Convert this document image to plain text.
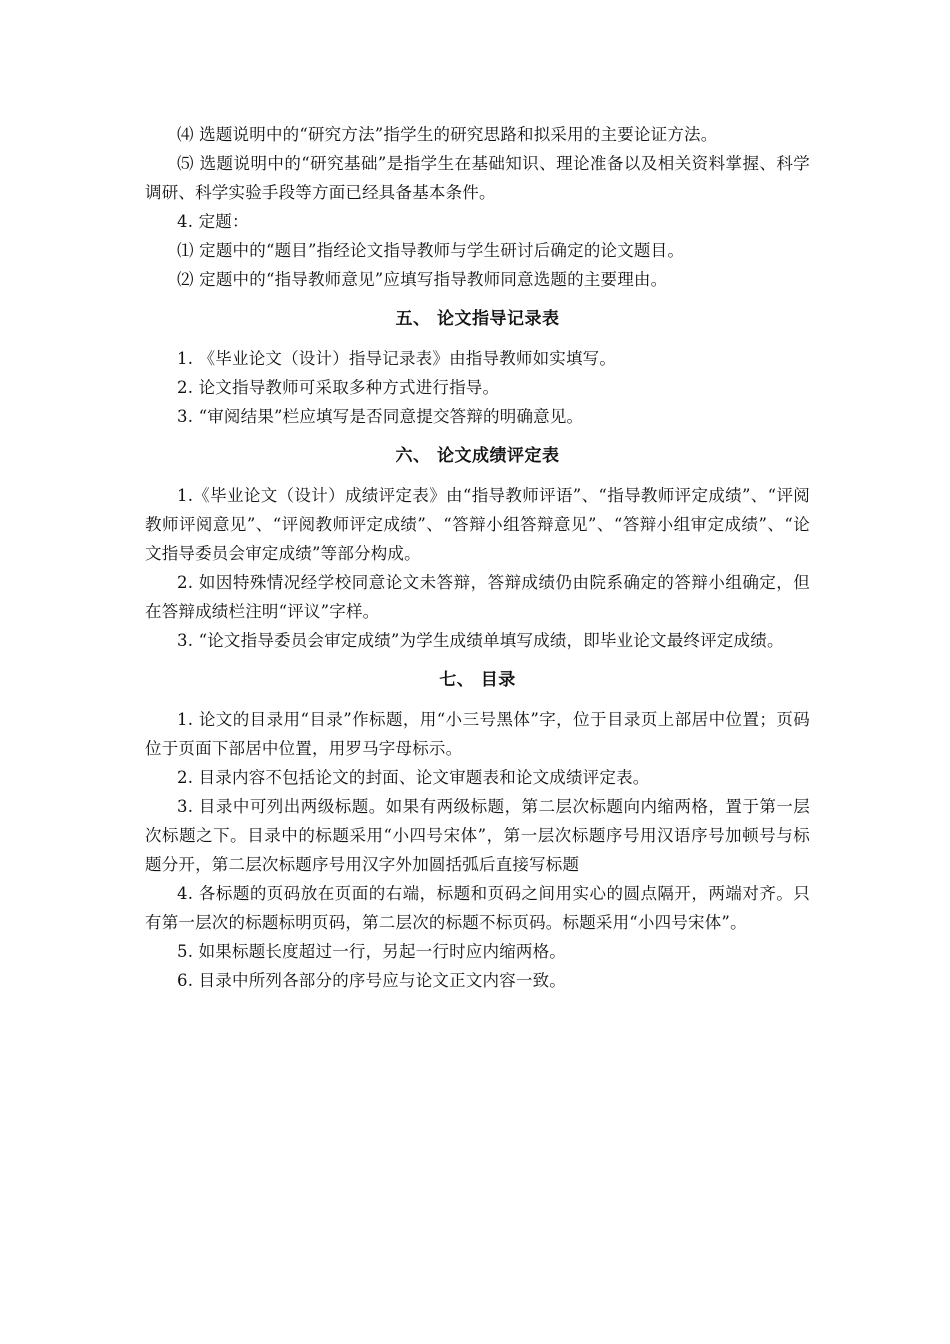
⑷ 选题说明中的“研究方法”指学生的研究思路和拟采用的主要论证方法。

⑸ 选题说明中的“研究基础”是指学生在基础知识、理论准备以及相关资料掌握、科学调研、科学实验手段等方面已经具备基本条件。

4. 定题：

⑴ 定题中的“题目”指经论文指导教师与学生研讨后确定的论文题目。

⑵ 定题中的“指导教师意见”应填写指导教师同意选题的主要理由。

五、 论文指导记录表

1. 《毕业论文（设计）指导记录表》由指导教师如实填写。

2. 论文指导教师可采取多种方式进行指导。

3. “审阅结果”栏应填写是否同意提交答辩的明确意见。

六、 论文成绩评定表

1.《毕业论文（设计）成绩评定表》由“指导教师评语”、“指导教师评定成绩”、“评阅教师评阅意见”、“评阅教师评定成绩”、“答辩小组答辩意见”、“答辩小组审定成绩”、“论文指导委员会审定成绩”等部分构成。

2. 如因特殊情况经学校同意论文未答辩，答辩成绩仍由院系确定的答辩小组确定，但在答辩成绩栏注明“评议”字样。

3. “论文指导委员会审定成绩”为学生成绩单填写成绩，即毕业论文最终评定成绩。

七、 目录

1. 论文的目录用“目录”作标题，用“小三号黑体”字，位于目录页上部居中位置；页码位于页面下部居中位置，用罗马字母标示。

2. 目录内容不包括论文的封面、论文审题表和论文成绩评定表。

3. 目录中可列出两级标题。如果有两级标题，第二层次标题向内缩两格，置于第一层次标题之下。目录中的标题采用“小四号宋体”，第一层次标题序号用汉语序号加顿号与标题分开，第二层次标题序号用汉字外加圆括弧后直接写标题

4. 各标题的页码放在页面的右端，标题和页码之间用实心的圆点隔开，两端对齐。只有第一层次的标题标明页码，第二层次的标题不标页码。标题采用“小四号宋体”。

5. 如果标题长度超过一行，另起一行时应内缩两格。

6. 目录中所列各部分的序号应与论文正文内容一致。
